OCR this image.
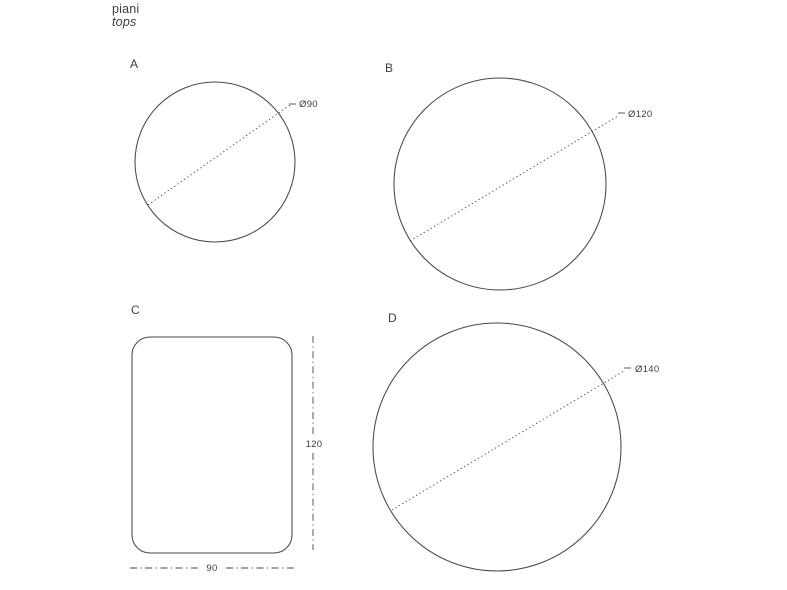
piani
tops
A
Ø90
B
Ø120
C
120
90
D
Ø140
